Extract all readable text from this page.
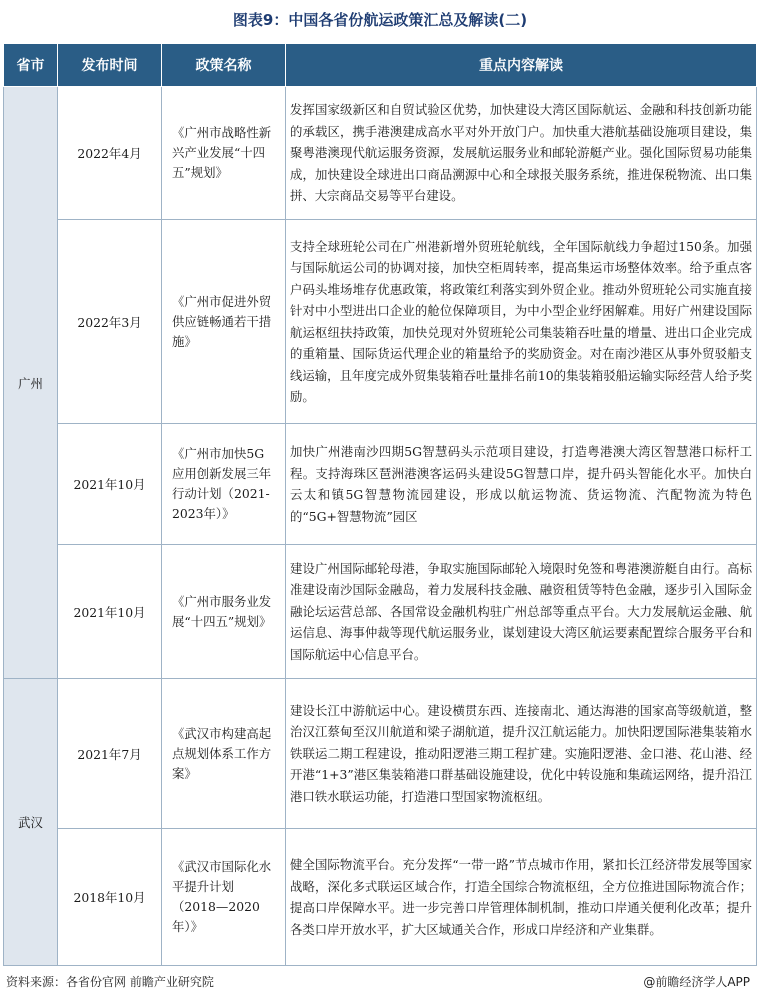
图表9：中国各省份航运政策汇总及解读(二)
省市	发布时间	政策名称	重点内容解读
广州	2022年4月	《广州市战略性新兴产业发展“十四五”规划》	发挥国家级新区和自贸试验区优势，加快建设大湾区国际航运、金融和科技创新功能的承载区，携手港澳建成高水平对外开放门户。加快重大港航基础设施项目建设，集聚粤港澳现代航运服务资源，发展航运服务业和邮轮游艇产业。强化国际贸易功能集成，加快建设全球进出口商品溯源中心和全球报关服务系统，推进保税物流、出口集拼、大宗商品交易等平台建设。
	2022年3月	《广州市促进外贸供应链畅通若干措施》	支持全球班轮公司在广州港新增外贸班轮航线，全年国际航线力争超过150条。加强与国际航运公司的协调对接，加快空柜周转率，提高集运市场整体效率。给予重点客户码头堆场堆存优惠政策，将政策红利落实到外贸企业。推动外贸班轮公司实施直接针对中小型进出口企业的舱位保障项目，为中小型企业纾困解难。用好广州建设国际航运枢纽扶持政策，加快兑现对外贸班轮公司集装箱吞吐量的增量、进出口企业完成的重箱量、国际货运代理企业的箱量给予的奖励资金。对在南沙港区从事外贸驳船支线运输，且年度完成外贸集装箱吞吐量排名前10的集装箱驳船运输实际经营人给予奖励。
	2021年10月	《广州市加快5G应用创新发展三年行动计划（2021-2023年）》	加快广州港南沙四期5G智慧码头示范项目建设，打造粤港澳大湾区智慧港口标杆工程。支持海珠区琶洲港澳客运码头建设5G智慧口岸，提升码头智能化水平。加快白云太和镇5G智慧物流园建设，形成以航运物流、货运物流、汽配物流为特色的“5G+智慧物流”园区
	2021年10月	《广州市服务业发展“十四五”规划》	建设广州国际邮轮母港，争取实施国际邮轮入境限时免签和粤港澳游艇自由行。高标准建设南沙国际金融岛，着力发展科技金融、融资租赁等特色金融，逐步引入国际金融论坛运营总部、各国常设金融机构驻广州总部等重点平台。大力发展航运金融、航运信息、海事仲裁等现代航运服务业，谋划建设大湾区航运要素配置综合服务平台和国际航运中心信息平台。
武汉	2021年7月	《武汉市构建高起点规划体系工作方案》	建设长江中游航运中心。建设横贯东西、连接南北、通达海港的国家高等级航道，整治汉江蔡甸至汉川航道和梁子湖航道，提升汉江航运能力。加快阳逻国际港集装箱水铁联运二期工程建设，推动阳逻港三期工程扩建。实施阳逻港、金口港、花山港、经开港“1+3”港区集装箱港口群基础设施建设，优化中转设施和集疏运网络，提升沿江港口铁水联运功能，打造港口型国家物流枢纽。
	2018年10月	《武汉市国际化水平提升计划（2018—2020年）》	健全国际物流平台。充分发挥“一带一路”节点城市作用，紧扣长江经济带发展等国家战略，深化多式联运区域合作，打造全国综合物流枢纽，全方位推进国际物流合作；提高口岸保障水平。进一步完善口岸管理体制机制，推动口岸通关便利化改革；提升各类口岸开放水平，扩大区域通关合作，形成口岸经济和产业集群。
资料来源：各省份官网 前瞻产业研究院	@前瞻经济学人APP
